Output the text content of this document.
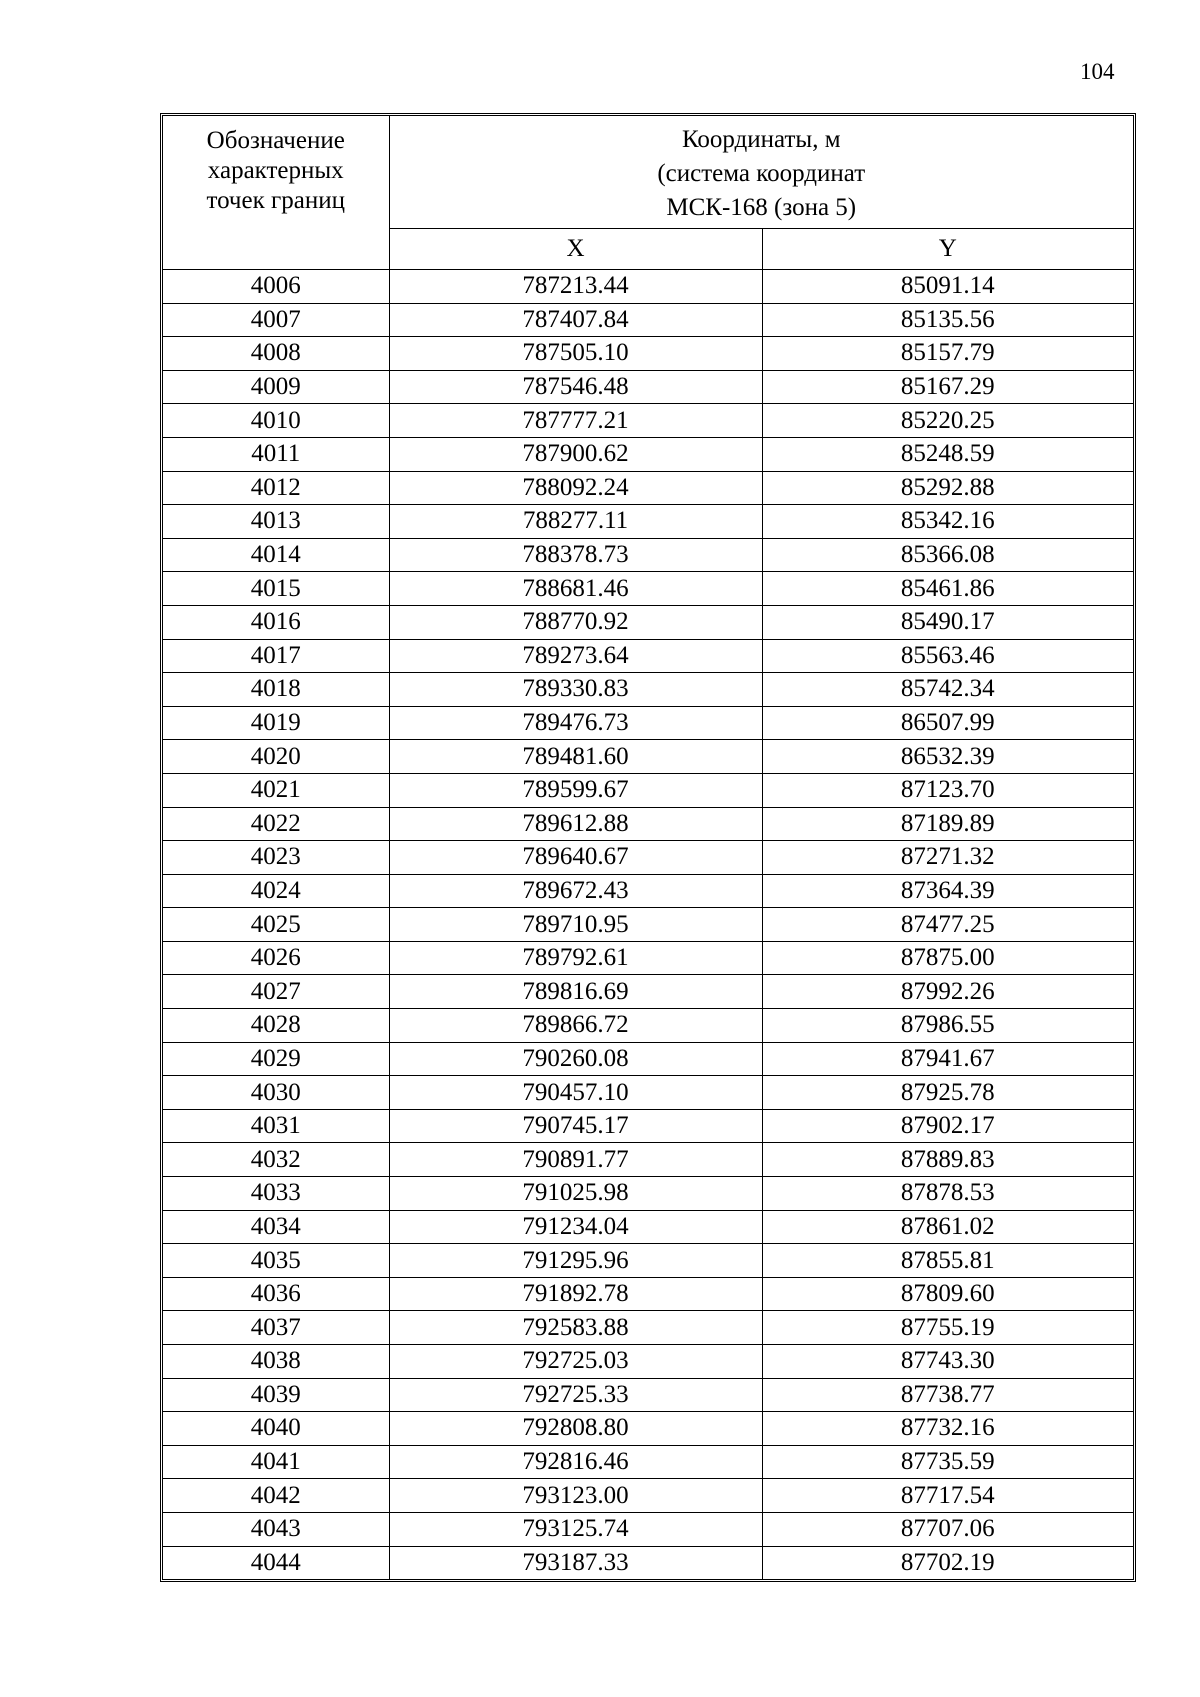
104
Обозначение
характерных
точек границ	Координаты, м
(система координат
МСК-168 (зона 5)	

	X	Y
4006	787213.44	85091.14
4007	787407.84	85135.56
4008	787505.10	85157.79
4009	787546.48	85167.29
4010	787777.21	85220.25
4011	787900.62	85248.59
4012	788092.24	85292.88
4013	788277.11	85342.16
4014	788378.73	85366.08
4015	788681.46	85461.86
4016	788770.92	85490.17
4017	789273.64	85563.46
4018	789330.83	85742.34
4019	789476.73	86507.99
4020	789481.60	86532.39
4021	789599.67	87123.70
4022	789612.88	87189.89
4023	789640.67	87271.32
4024	789672.43	87364.39
4025	789710.95	87477.25
4026	789792.61	87875.00
4027	789816.69	87992.26
4028	789866.72	87986.55
4029	790260.08	87941.67
4030	790457.10	87925.78
4031	790745.17	87902.17
4032	790891.77	87889.83
4033	791025.98	87878.53
4034	791234.04	87861.02
4035	791295.96	87855.81
4036	791892.78	87809.60
4037	792583.88	87755.19
4038	792725.03	87743.30
4039	792725.33	87738.77
4040	792808.80	87732.16
4041	792816.46	87735.59
4042	793123.00	87717.54
4043	793125.74	87707.06
4044	793187.33	87702.19
